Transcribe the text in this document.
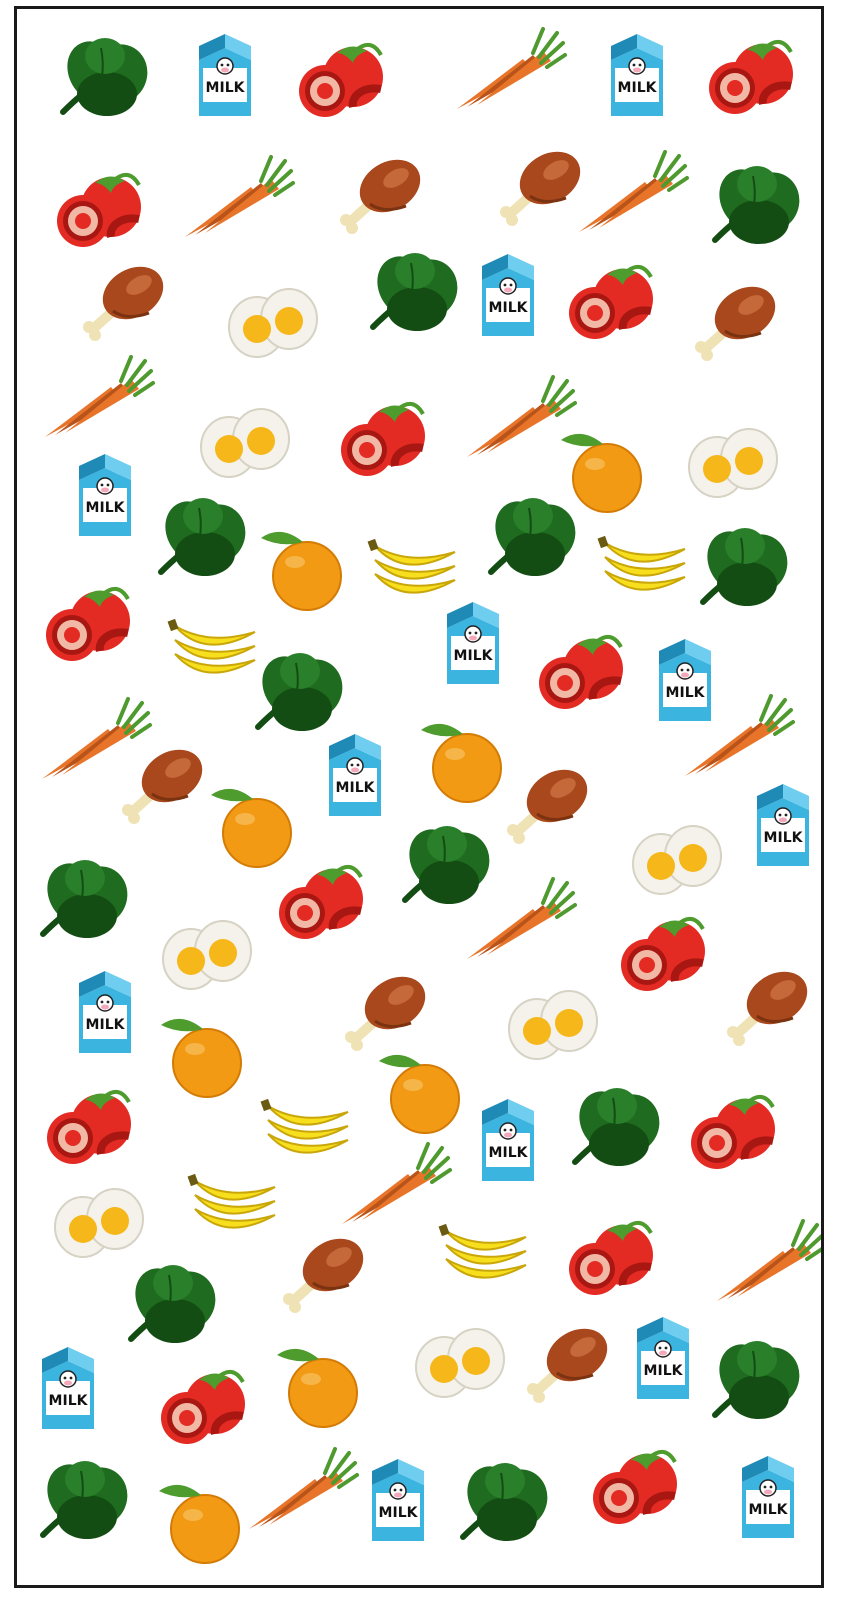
MILK	MILK
MILK
MILK
MILK
MILK
MILK
MILK
MILK
MILK
MILK
MILK
MILK	MILK
